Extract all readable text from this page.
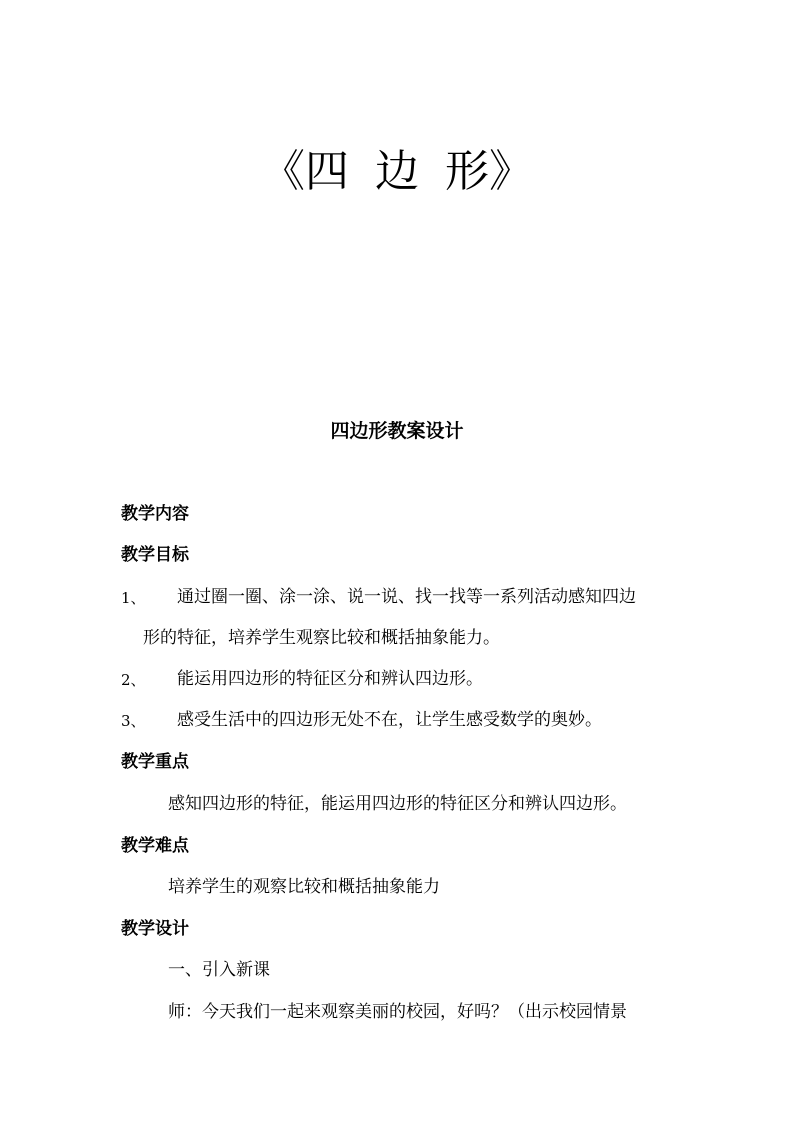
《四 边 形》
四边形教案设计
教学内容
教学目标
1、 通过圈一圈、涂一涂、说一说、找一找等一系列活动感知四边
形的特征，培养学生观察比较和概括抽象能力。
2、 能运用四边形的特征区分和辨认四边形。
3、 感受生活中的四边形无处不在，让学生感受数学的奥妙。
教学重点
感知四边形的特征，能运用四边形的特征区分和辨认四边形。
教学难点
培养学生的观察比较和概括抽象能力
教学设计
一、引入新课
师：今天我们一起来观察美丽的校园，好吗？（出示校园情景
